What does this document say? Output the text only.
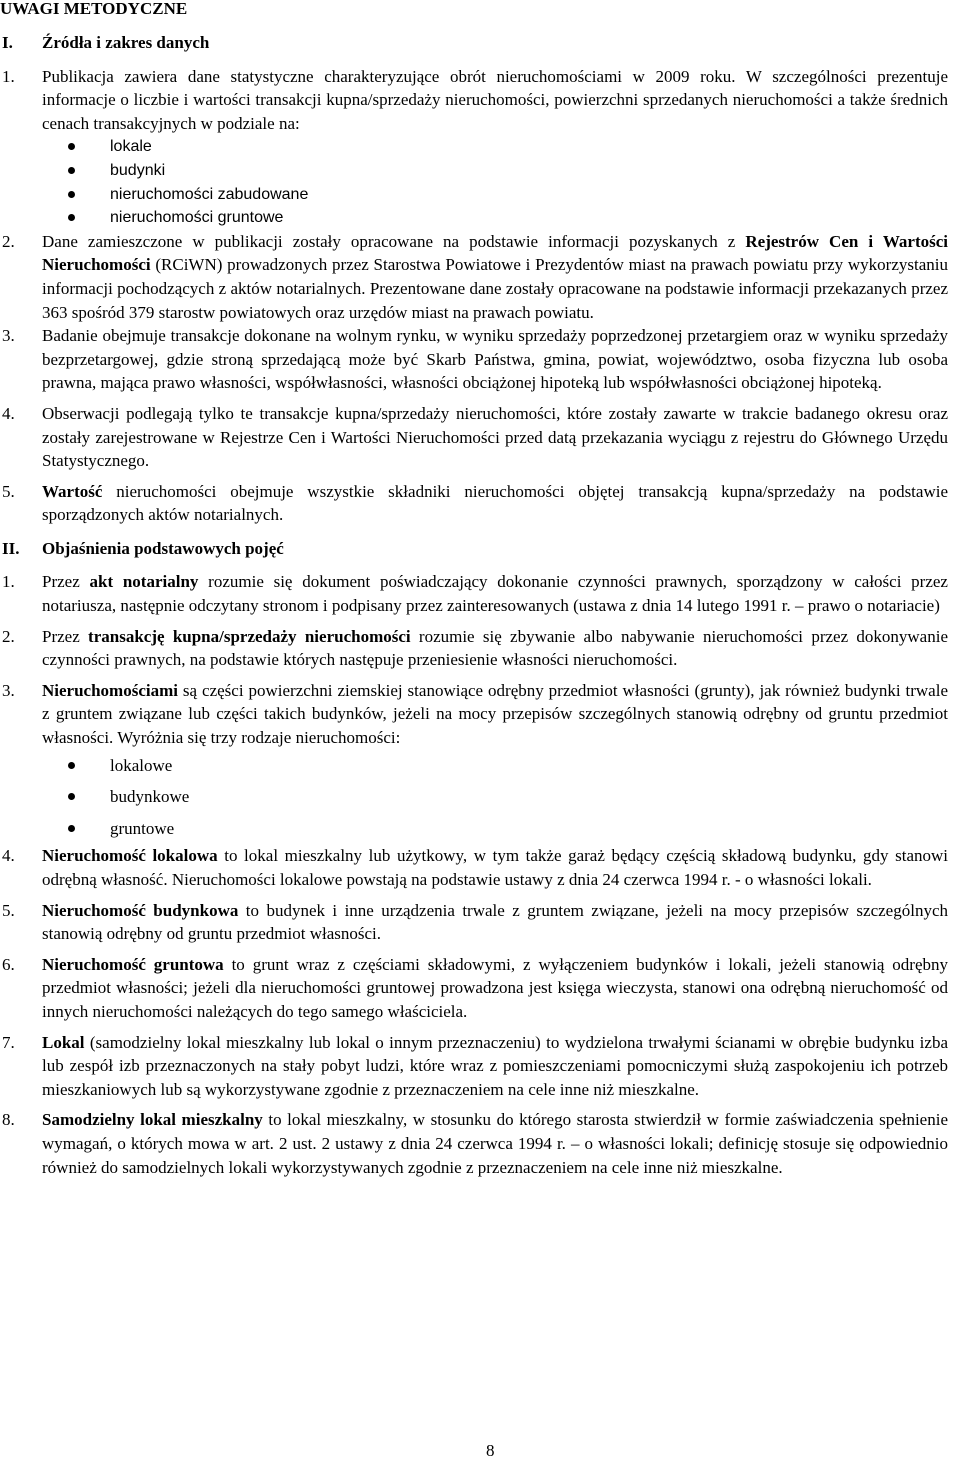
UWAGI METODYCZNE
I.	Źródła i zakres danych
1.	Publikacja zawiera dane statystyczne charakteryzujące obrót nieruchomościami w 2009 roku. W szczególności prezentuje informacje o liczbie i wartości transakcji kupna/sprzedaży nieruchomości, powierzchni sprzedanych nieruchomości a także średnich cenach transakcyjnych w podziale na:
lokale
budynki
nieruchomości zabudowane
nieruchomości gruntowe
2.	Dane zamieszczone w publikacji zostały opracowane na podstawie informacji pozyskanych z Rejestrów Cen i Wartości Nieruchomości (RCiWN) prowadzonych przez Starostwa Powiatowe i Prezydentów miast na prawach powiatu przy wykorzystaniu informacji pochodzących z aktów notarialnych. Prezentowane dane zostały opracowane na podstawie informacji przekazanych przez 363 spośród 379 starostw powiatowych oraz urzędów miast na prawach powiatu.
3.	Badanie obejmuje transakcje dokonane na wolnym rynku, w wyniku sprzedaży poprzedzonej przetargiem oraz w wyniku sprzedaży bezprzetargowej, gdzie stroną sprzedającą może być Skarb Państwa, gmina, powiat, województwo, osoba fizyczna lub osoba prawna, mająca prawo własności, współwłasności, własności obciążonej hipoteką lub współwłasności obciążonej hipoteką.
4.	Obserwacji podlegają tylko te transakcje kupna/sprzedaży nieruchomości, które zostały zawarte w trakcie badanego okresu oraz zostały zarejestrowane w Rejestrze Cen i Wartości Nieruchomości przed datą przekazania wyciągu z rejestru do Głównego Urzędu Statystycznego.
5.	Wartość nieruchomości obejmuje wszystkie składniki nieruchomości objętej transakcją kupna/sprzedaży na podstawie sporządzonych aktów notarialnych.
II.	Objaśnienia podstawowych pojęć
1.	Przez akt notarialny rozumie się dokument poświadczający dokonanie czynności prawnych, sporządzony w całości przez notariusza, następnie odczytany stronom i podpisany przez zainteresowanych (ustawa z dnia 14 lutego 1991 r. – prawo o notariacie)
2.	Przez transakcję kupna/sprzedaży nieruchomości rozumie się zbywanie albo nabywanie nieruchomości przez dokonywanie czynności prawnych, na podstawie których następuje przeniesienie własności nieruchomości.
3.	Nieruchomościami są części powierzchni ziemskiej stanowiące odrębny przedmiot własności (grunty), jak również budynki trwale z gruntem związane lub części takich budynków, jeżeli na mocy przepisów szczególnych stanowią odrębny od gruntu przedmiot własności. Wyróżnia się trzy rodzaje nieruchomości:
lokalowe
budynkowe
gruntowe
4.	Nieruchomość lokalowa to lokal mieszkalny lub użytkowy, w tym także garaż będący częścią składową budynku, gdy stanowi odrębną własność. Nieruchomości lokalowe powstają na podstawie ustawy z dnia 24 czerwca 1994 r. - o własności lokali.
5.	Nieruchomość budynkowa to budynek i inne urządzenia trwale z gruntem związane, jeżeli na mocy przepisów szczególnych stanowią odrębny od gruntu przedmiot własności.
6.	Nieruchomość gruntowa to grunt wraz z częściami składowymi, z wyłączeniem budynków i lokali, jeżeli stanowią odrębny przedmiot własności; jeżeli dla nieruchomości gruntowej prowadzona jest księga wieczysta, stanowi ona odrębną nieruchomość od innych nieruchomości należących do tego samego właściciela.
7.	Lokal (samodzielny lokal mieszkalny lub lokal o innym przeznaczeniu) to wydzielona trwałymi ścianami w obrębie budynku izba lub zespół izb przeznaczonych na stały pobyt ludzi, które wraz z pomieszczeniami pomocniczymi służą zaspokojeniu ich potrzeb mieszkaniowych lub są wykorzystywane zgodnie z przeznaczeniem na cele inne niż mieszkalne.
8.	Samodzielny lokal mieszkalny to lokal mieszkalny, w stosunku do którego starosta stwierdził w formie zaświadczenia spełnienie wymagań, o których mowa w art. 2 ust. 2 ustawy z dnia 24 czerwca 1994 r. – o własności lokali; definicję stosuje się odpowiednio również do samodzielnych lokali wykorzystywanych zgodnie z przeznaczeniem na cele inne niż mieszkalne.
8
